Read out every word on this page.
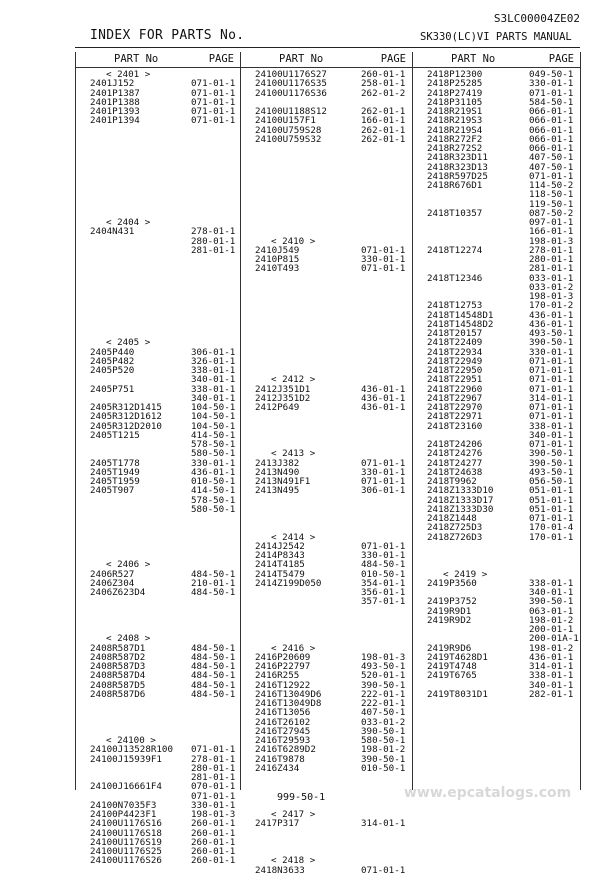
S3LC00004ZE02
INDEX FOR PARTS No.	SK330(LC)VI PARTS MANUAL
PART No	PAGE
< 2401 >
2401J152	071-01-1
2401P1387	071-01-1
2401P1388	071-01-1
2401P1393	071-01-1
2401P1394	071-01-1
< 2404 >
2404N431	278-01-1
280-01-1
281-01-1
< 2405 >
2405P440	306-01-1
2405P482	326-01-1
2405P520	338-01-1
340-01-1
2405P751	338-01-1
340-01-1
2405R312D1415	104-50-1
2405R312D1612	104-50-1
2405R312D2010	104-50-1
2405T1215	414-50-1
578-50-1
580-50-1
2405T1778	330-01-1
2405T1949	436-01-1
2405T1959	010-50-1
2405T907	414-50-1
578-50-1
580-50-1
< 2406 >
2406R527	484-50-1
2406Z304	210-01-1
2406Z623D4	484-50-1
< 2408 >
2408R587D1	484-50-1
2408R587D2	484-50-1
2408R587D3	484-50-1
2408R587D4	484-50-1
2408R587D5	484-50-1
2408R587D6	484-50-1
< 24100 >
24100J13528R100 071-01-1
24100J15939F1	278-01-1
280-01-1
281-01-1
24100J16661F4	070-01-1
071-01-1
24100N7035F3	330-01-1
24100P4423F1	198-01-3
24100U1176S16	260-01-1
24100U1176S18	260-01-1
24100U1176S19	260-01-1
24100U1176S25	260-01-1
24100U1176S26	260-01-1
PART No	PAGE
24100U1176S27	260-01-1
24100U1176S35	258-01-1
24100U1176S36	262-01-2
24100U1188S12	262-01-1
24100U157F1	166-01-1
24100U759S28	262-01-1
24100U759S32	262-01-1
< 2410 >
2410J549	071-01-1
2410P815	330-01-1
2410T493	071-01-1
< 2412 >
2412J351D1	436-01-1
2412J351D2	436-01-1
2412P649	436-01-1
< 2413 >
2413J382	071-01-1
2413N490	330-01-1
2413N491F1	071-01-1
2413N495	306-01-1
< 2414 >
2414J2542	071-01-1
2414P8343	330-01-1
2414T4185	484-50-1
2414T5479	010-50-1
2414Z199D050	354-01-1
356-01-1
357-01-1
< 2416 >
2416P20609	198-01-3
2416P22797	493-50-1
2416R255	520-01-1
2416T12922	390-50-1
2416T13049D6	222-01-1
2416T13049D8	222-01-1
2416T13056	407-50-1
2416T26102	033-01-2
2416T27945	390-50-1
2416T29593	580-50-1
2416T6289D2	198-01-2
2416T9878	390-50-1
2416Z434	010-50-1
< 2417 >
2417P317	314-01-1
< 2418 >
2418N3633	071-01-1
PART No	PAGE
2418P12300	049-50-1
2418P25285	330-01-1
2418P27419	071-01-1
2418P31105	584-50-1
2418R219S1	066-01-1
2418R219S3	066-01-1
2418R219S4	066-01-1
2418R272F2	066-01-1
2418R272S2	066-01-1
2418R323D11	407-50-1
2418R323D13	407-50-1
2418R597D25	071-01-1
2418R676D1	114-50-2
118-50-1
119-50-1
2418T10357	087-50-2
097-01-1
166-01-1
198-01-3
2418T12274	278-01-1
280-01-1
281-01-1
2418T12346	033-01-1
033-01-2
198-01-3
2418T12753	170-01-2
2418T14548D1	436-01-1
2418T14548D2	436-01-1
2418T20157	493-50-1
2418T22409	390-50-1
2418T22934	330-01-1
2418T22949	071-01-1
2418T22950	071-01-1
2418T22951	071-01-1
2418T22960	071-01-1
2418T22967	314-01-1
2418T22970	071-01-1
2418T22971	071-01-1
2418T23160	338-01-1
340-01-1
2418T24206	071-01-1
2418T24276	390-50-1
2418T24277	390-50-1
2418T24638	493-50-1
2418T9962	056-50-1
2418Z1333D10	051-01-1
2418Z1333D17	051-01-1
2418Z1333D30	051-01-1
2418Z1448	071-01-1
2418Z725D3	170-01-4
2418Z726D3	170-01-1
< 2419 >
2419P3560	338-01-1
340-01-1
2419P3752	390-50-1
2419R9D1	063-01-1
2419R9D2	198-01-2
200-01-1
200-01A-1
2419R9D6	198-01-2
2419T4628D1	436-01-1
2419T4748	314-01-1
2419T6765	338-01-1
340-01-1
2419T8031D1	282-01-1
999-50-1	www.epcatalogs.com
